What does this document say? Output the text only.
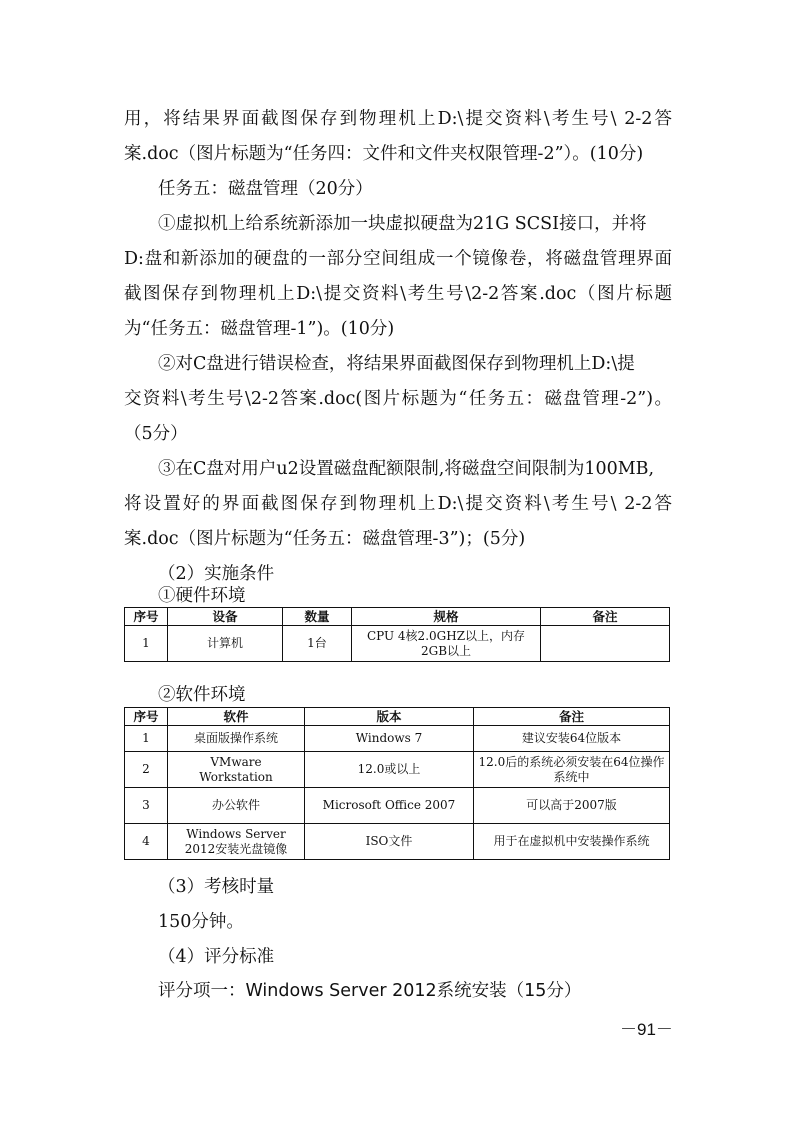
用，将结果界面截图保存到物理机上D:\提交资料\考生号\ 2-2答
案.doc（图片标题为“任务四：文件和文件夹权限管理-2”）。(10分)
任务五：磁盘管理（20分）
①虚拟机上给系统新添加一块虚拟硬盘为21G SCSI接口，并将
D:盘和新添加的硬盘的一部分空间组成一个镜像卷，将磁盘管理界面
截图保存到物理机上D:\提交资料\考生号\2-2答案.doc（图片标题
为“任务五：磁盘管理-1”)。(10分)
②对C盘进行错误检查，将结果界面截图保存到物理机上D:\提
交资料\考生号\2-2答案.doc(图片标题为“任务五：磁盘管理-2”)。
（5分）
③在C盘对用户u2设置磁盘配额限制,将磁盘空间限制为100MB,
将设置好的界面截图保存到物理机上D:\提交资料\考生号\ 2-2答
案.doc（图片标题为“任务五：磁盘管理-3”)；(5分)
（2）实施条件
①硬件环境
序号	设备	数量	规格	备注
1	计算机	1台	CPU 4核2.0GHZ以上，内存2GB以上	
②软件环境
序号	软件	版本	备注
1	桌面版操作系统	Windows 7	建议安装64位版本
2	VMware Workstation	12.0或以上	12.0后的系统必须安装在64位操作系统中
3	办公软件	Microsoft Office 2007	可以高于2007版
4	Windows Server 2012安装光盘镜像	ISO文件	用于在虚拟机中安装操作系统
（3）考核时量
150分钟。
（4）评分标准
评分项一：Windows Server 2012系统安装（15分）
－91－
